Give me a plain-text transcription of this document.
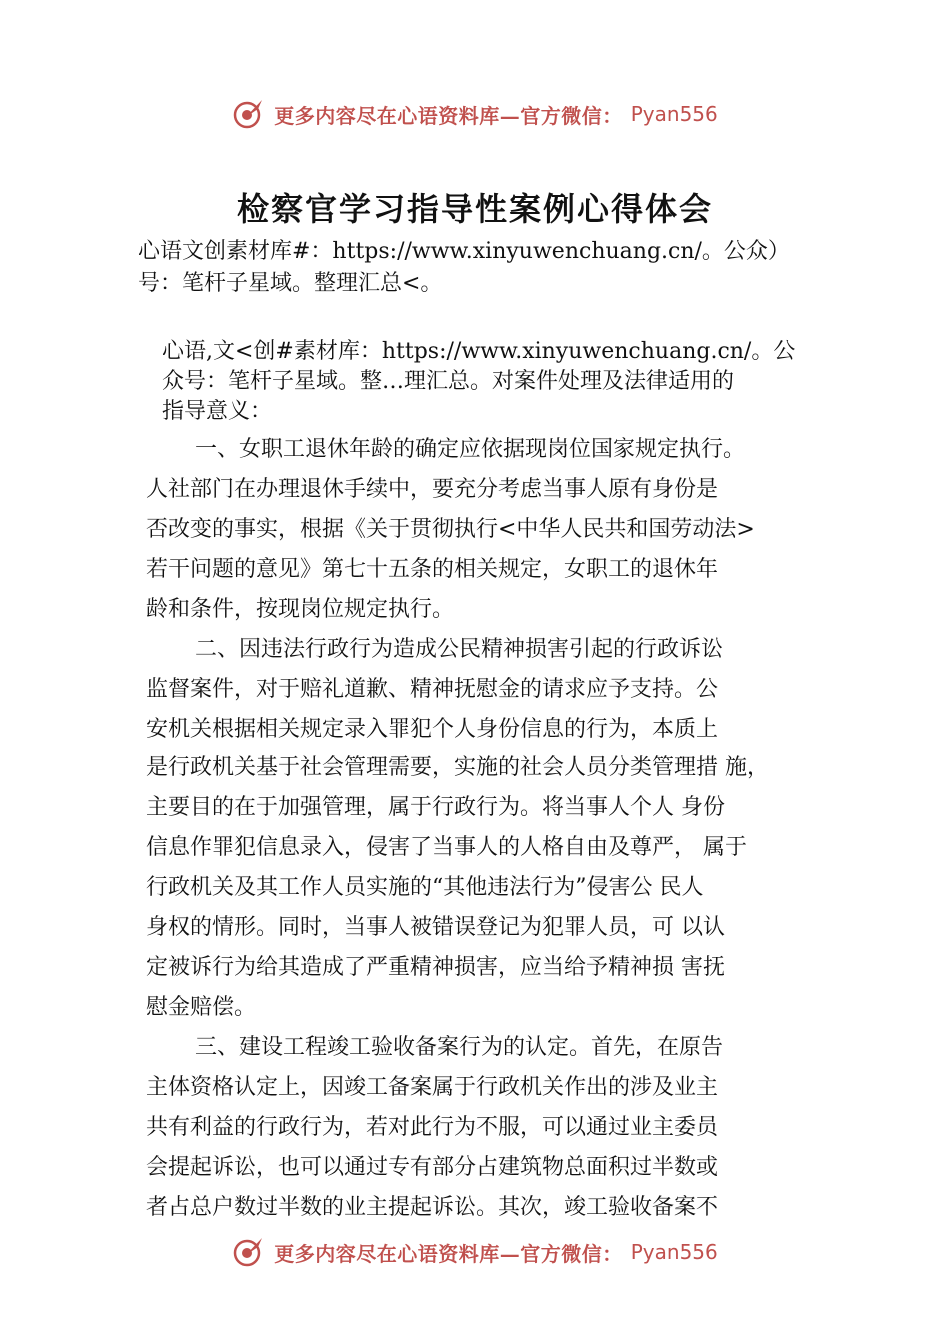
更多内容尽在心语资料库—官方微信： Pyan556
检察官学习指导性案例心得体会
心语文创素材库#：https://www.xinyuwenchuang.cn/。公众）
号：笔杆子星域。整理汇总<。
心语,文<创#素材库：https://www.xinyuwenchuang.cn/。公
众号：笔杆子星域。整…理汇总。对案件处理及法律适用的
指导意义：
一、女职工退休年龄的确定应依据现岗位国家规定执行。
人社部门在办理退休手续中，要充分考虑当事人原有身份是
否改变的事实，根据《关于贯彻执行<中华人民共和国劳动法>
若干问题的意见》第七十五条的相关规定，女职工的退休年
龄和条件，按现岗位规定执行。
二、因违法行政行为造成公民精神损害引起的行政诉讼
监督案件，对于赔礼道歉、精神抚慰金的请求应予支持。公
安机关根据相关规定录入罪犯个人身份信息的行为，本质上
是行政机关基于社会管理需要，实施的社会人员分类管理措 施，
主要目的在于加强管理，属于行政行为。将当事人个人 身份
信息作罪犯信息录入，侵害了当事人的人格自由及尊严， 属于
行政机关及其工作人员实施的“其他违法行为”侵害公 民人
身权的情形。同时，当事人被错误登记为犯罪人员，可 以认
定被诉行为给其造成了严重精神损害，应当给予精神损 害抚
慰金赔偿。
三、建设工程竣工验收备案行为的认定。首先，在原告
主体资格认定上，因竣工备案属于行政机关作出的涉及业主
共有利益的行政行为，若对此行为不服，可以通过业主委员
会提起诉讼，也可以通过专有部分占建筑物总面积过半数或
者占总户数过半数的业主提起诉讼。其次，竣工验收备案不
更多内容尽在心语资料库—官方微信： Pyan556
